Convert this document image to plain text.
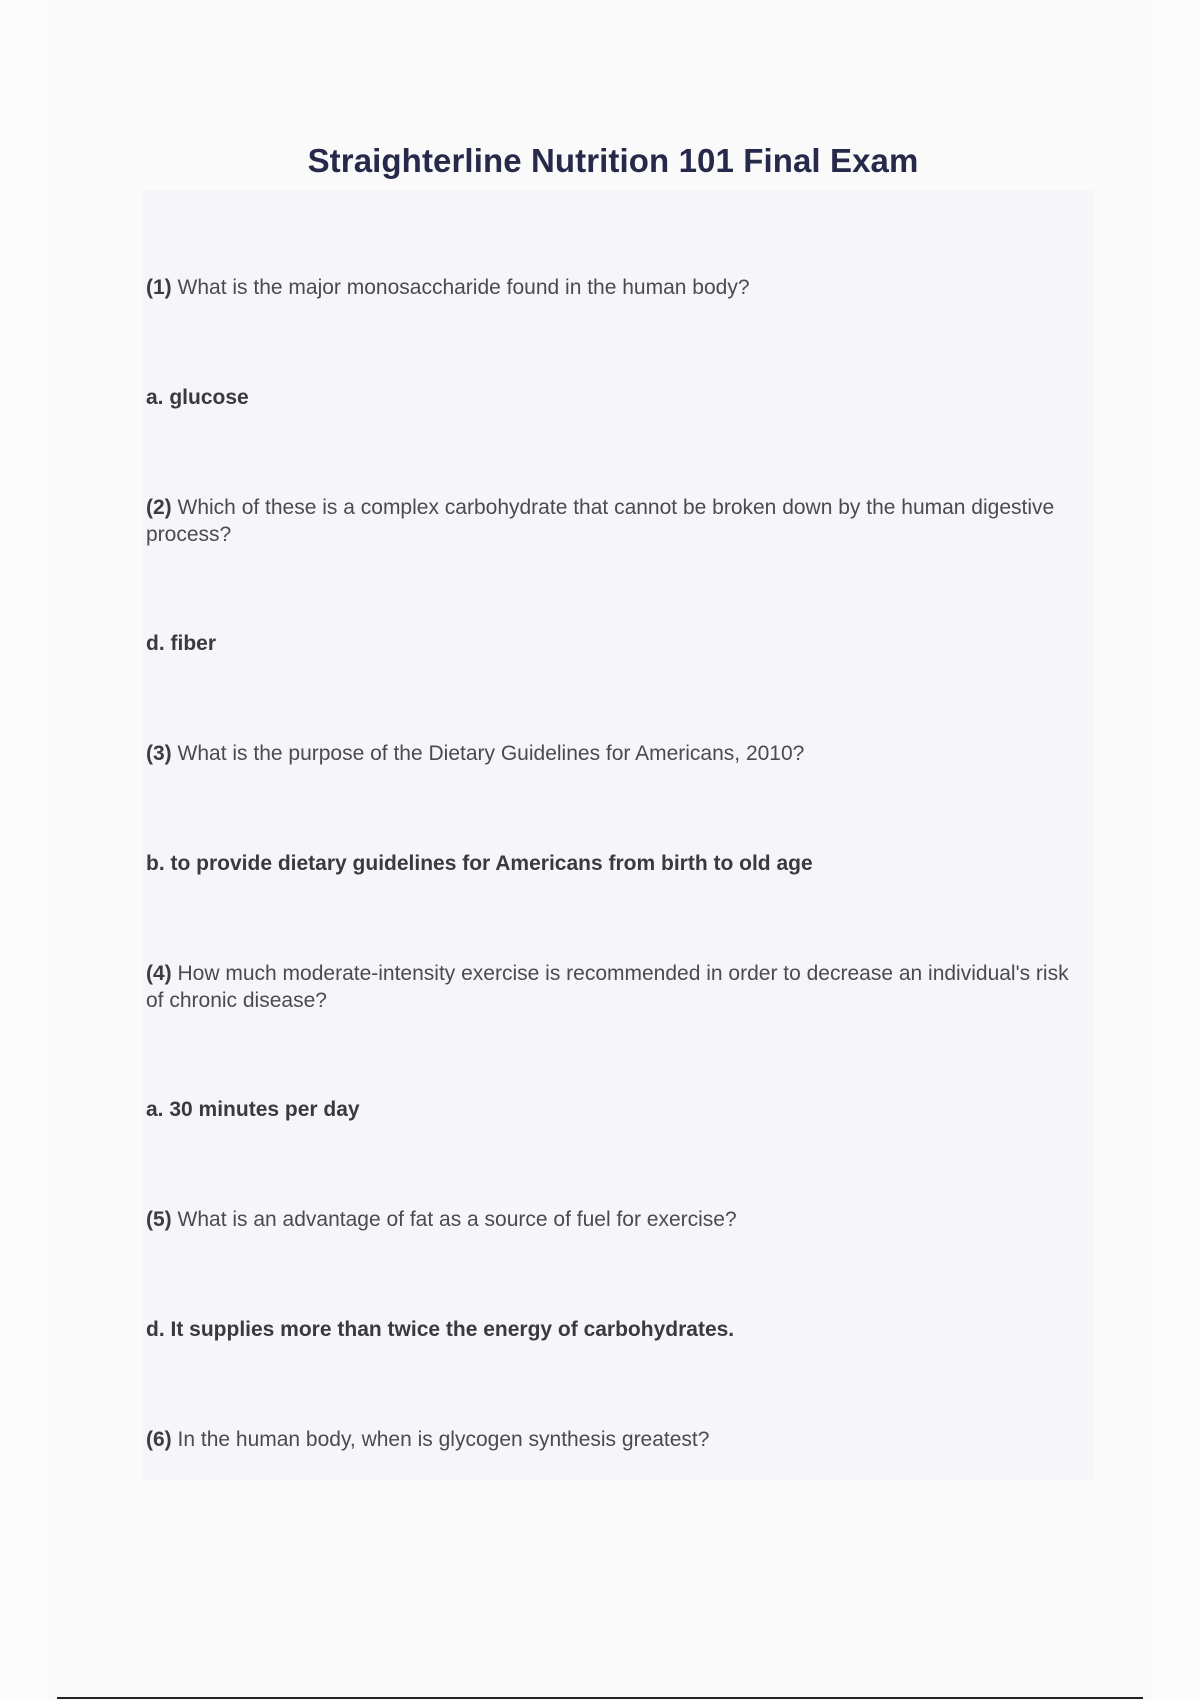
Straighterline Nutrition 101 Final Exam

(1) What is the major monosaccharide found in the human body?

a. glucose

(2) Which of these is a complex carbohydrate that cannot be broken down by the human digestive process?

d. fiber

(3) What is the purpose of the Dietary Guidelines for Americans, 2010?

b. to provide dietary guidelines for Americans from birth to old age

(4) How much moderate-intensity exercise is recommended in order to decrease an individual's risk of chronic disease?

a. 30 minutes per day

(5) What is an advantage of fat as a source of fuel for exercise?

d. It supplies more than twice the energy of carbohydrates.

(6) In the human body, when is glycogen synthesis greatest?
